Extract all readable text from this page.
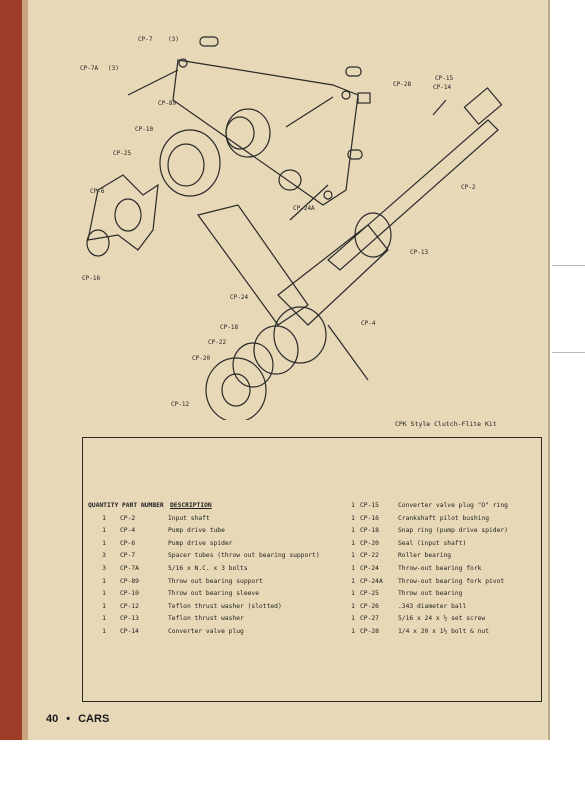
CP-7	(3)
CP-7A (3)
CP-89
CP-28
CP-15
CP-14
CP-10
CP-25
CP-6
CP-2
CP-24A
CP-16
CP-13
CP-24
CP-18
CP-4
CP-22
CP-20
CP-12
CPK Style Clutch-Flite Kit
QUANTITY PART NUMBER DESCRIPTION
1 CP-2	Input shaft
1 CP-4	Pump drive tube
1 CP-6	Pump drive spider
3 CP-7	Spacer tubes (throw out bearing support)
3 CP-7A	5/16 x N.C. x 3 bolts
1 CP-89	Throw out bearing support
1 CP-10	Throw out bearing sleeve
1 CP-12	Teflon thrust washer (slotted)
1 CP-13	Teflon thrust washer
1 CP-14	Converter valve plug
1 CP-15	Converter valve plug "O" ring
1 CP-16	Crankshaft pilot bushing
1 CP-18	Snap ring (pump drive spider)
1 CP-20	Seal (input shaft)
1 CP-22	Roller bearing
1 CP-24	Throw-out bearing fork
1 CP-24A Throw-out bearing fork pivot
1 CP-25	Throw out bearing
1 CP-26	.343 diameter ball
1 CP-27	5/16 x 24 x ½ set screw
1 CP-28	1/4 x 20 x 1½ bolt & nut
40 • CARS
